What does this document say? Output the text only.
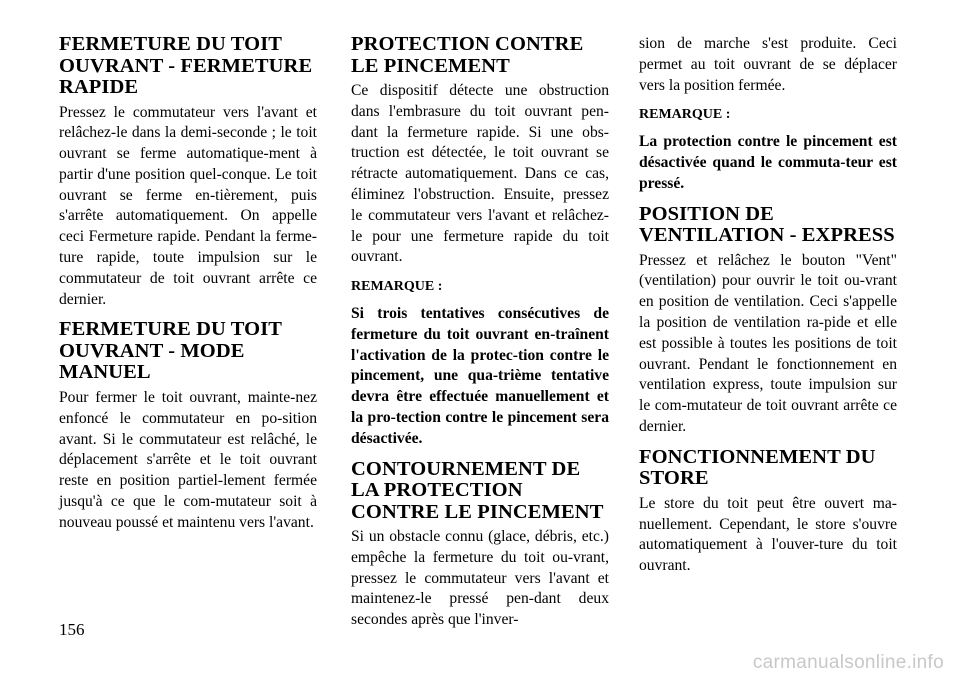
FERMETURE DU TOIT OUVRANT - FERMETURE RAPIDE

Pressez le commutateur vers l'avant et relâchez-le dans la demi-seconde ; le toit ouvrant se ferme automatique-ment à partir d'une position quel-conque. Le toit ouvrant se ferme en-tièrement, puis s'arrête automatiquement. On appelle ceci Fermeture rapide. Pendant la ferme-ture rapide, toute impulsion sur le commutateur de toit ouvrant arrête ce dernier.

FERMETURE DU TOIT OUVRANT - MODE MANUEL

Pour fermer le toit ouvrant, mainte-nez enfoncé le commutateur en po-sition avant. Si le commutateur est relâché, le déplacement s'arrête et le toit ouvrant reste en position partiel-lement fermée jusqu'à ce que le com-mutateur soit à nouveau poussé et maintenu vers l'avant.

PROTECTION CONTRE LE PINCEMENT

Ce dispositif détecte une obstruction dans l'embrasure du toit ouvrant pen-dant la fermeture rapide. Si une obs-truction est détectée, le toit ouvrant se rétracte automatiquement. Dans ce cas, éliminez l'obstruction. Ensuite, pressez le commutateur vers l'avant et relâchez-le pour une fermeture rapide du toit ouvrant.

REMARQUE :

Si trois tentatives consécutives de fermeture du toit ouvrant en-traînent l'activation de la protec-tion contre le pincement, une qua-trième tentative devra être effectuée manuellement et la pro-tection contre le pincement sera désactivée.

CONTOURNEMENT DE LA PROTECTION CONTRE LE PINCEMENT

Si un obstacle connu (glace, débris, etc.) empêche la fermeture du toit ou-vrant, pressez le commutateur vers l'avant et maintenez-le pressé pen-dant deux secondes après que l'inver-

sion de marche s'est produite. Ceci permet au toit ouvrant de se déplacer vers la position fermée.

REMARQUE :

La protection contre le pincement est désactivée quand le commuta-teur est pressé.

POSITION DE VENTILATION - EXPRESS

Pressez et relâchez le bouton "Vent" (ventilation) pour ouvrir le toit ou-vrant en position de ventilation. Ceci s'appelle la position de ventilation ra-pide et elle est possible à toutes les positions de toit ouvrant. Pendant le fonctionnement en ventilation express, toute impulsion sur le com-mutateur de toit ouvrant arrête ce dernier.

FONCTIONNEMENT DU STORE

Le store du toit peut être ouvert ma-nuellement. Cependant, le store s'ouvre automatiquement à l'ouver-ture du toit ouvrant.

156
carmanualsonline.info
